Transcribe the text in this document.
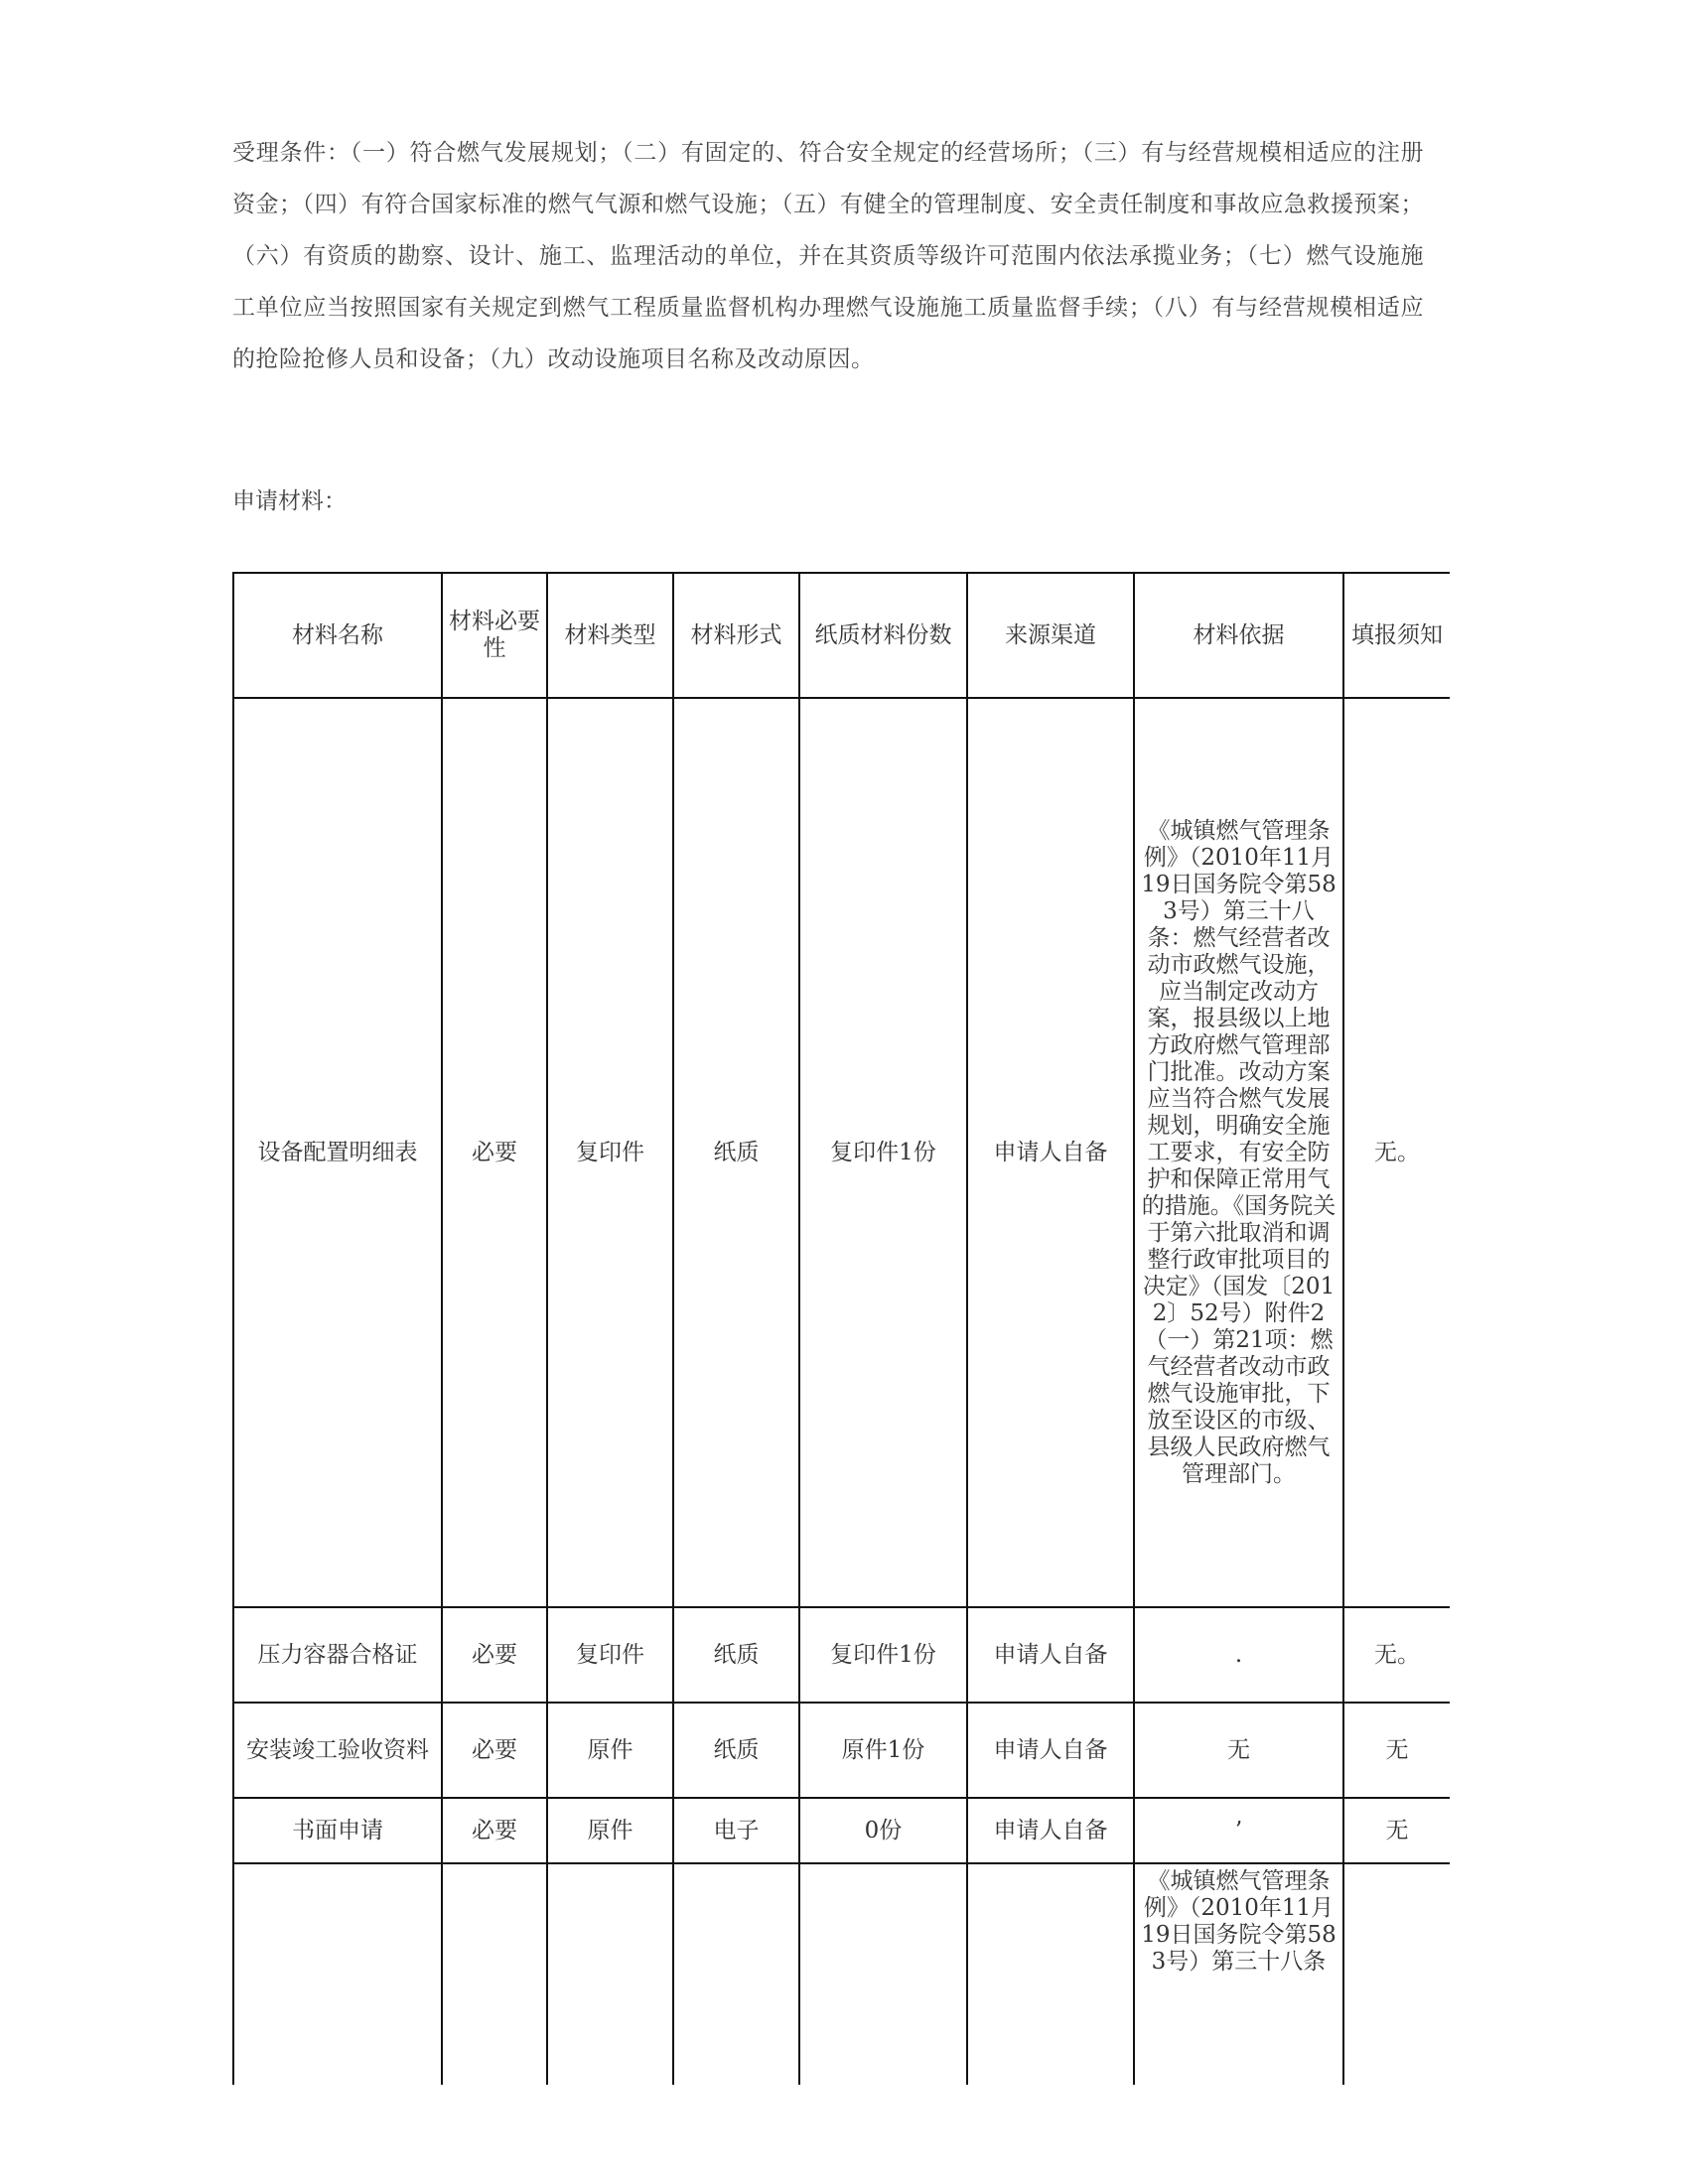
受理条件：（一）符合燃气发展规划；（二）有固定的、符合安全规定的经营场所；（三）有与经营规模相适应的注册资金；（四）有符合国家标准的燃气气源和燃气设施；（五）有健全的管理制度、安全责任制度和事故应急救援预案；（六）有资质的勘察、设计、施工、监理活动的单位，并在其资质等级许可范围内依法承揽业务；（七）燃气设施施工单位应当按照国家有关规定到燃气工程质量监督机构办理燃气设施施工质量监督手续；（八）有与经营规模相适应的抢险抢修人员和设备；（九）改动设施项目名称及改动原因。

申请材料：

材料名称	材料必要性	材料类型	材料形式	纸质材料份数	来源渠道	材料依据	填报须知
设备配置明细表	必要	复印件	纸质	复印件1份	申请人自备	《城镇燃气管理条例》（2010年11月19日国务院令第583号）第三十八条：燃气经营者改动市政燃气设施，应当制定改动方案，报县级以上地方政府燃气管理部门批准。改动方案应当符合燃气发展规划，明确安全施工要求，有安全防护和保障正常用气的措施。《国务院关于第六批取消和调整行政审批项目的决定》（国发〔2012〕52号）附件2（一）第21项：燃气经营者改动市政燃气设施审批，下放至设区的市级、县级人民政府燃气管理部门。	无。
压力容器合格证	必要	复印件	纸质	复印件1份	申请人自备	.	无。
安装竣工验收资料	必要	原件	纸质	原件1份	申请人自备	无	无
书面申请	必要	原件	电子	0份	申请人自备	’	无
						《城镇燃气管理条例》（2010年11月19日国务院令第583号）第三十八条	
